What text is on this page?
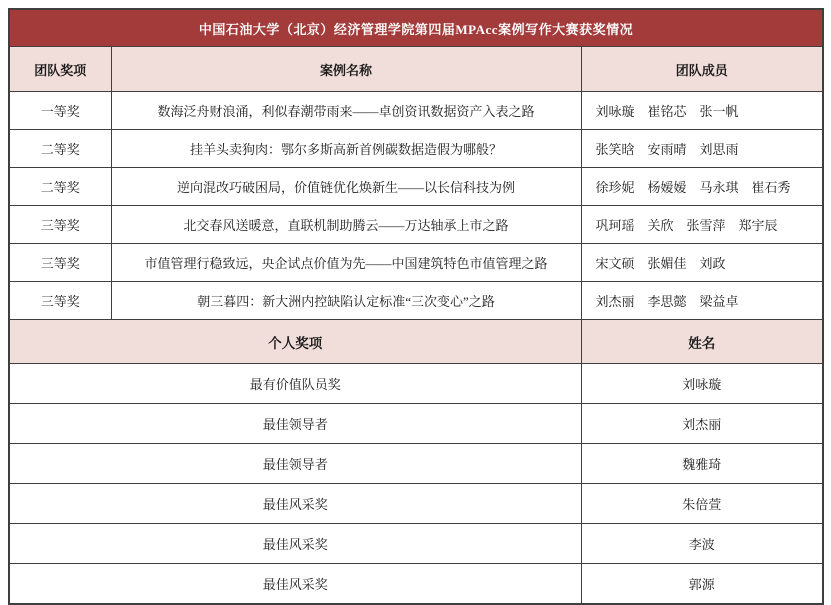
中国石油大学（北京）经济管理学院第四届MPAcc案例写作大赛获奖情况		
团队奖项	案例名称	团队成员
一等奖	数海泛舟财浪涌，利似春潮带雨来——卓创资讯数据资产入表之路	刘咏璇　崔铭芯　张一帆
二等奖	挂羊头卖狗肉：鄂尔多斯高新首例碳数据造假为哪般？	张笑晗　安雨晴　刘思雨
二等奖	逆向混改巧破困局，价值链优化焕新生——以长信科技为例	徐珍妮　杨嫒嫒　马永琪　崔石秀
三等奖	北交春风送暖意，直联机制助腾云——万达轴承上市之路	巩珂瑶　关欣　张雪萍　郑宇辰
三等奖	市值管理行稳致远，央企试点价值为先——中国建筑特色市值管理之路	宋文硕　张媚佳　刘政
三等奖	朝三暮四：新大洲内控缺陷认定标准“三次变心”之路	刘杰丽　李思懿　梁益卓
个人奖项		姓名
最有价值队员奖		刘咏璇
最佳领导者		刘杰丽
最佳领导者		魏雅琦
最佳风采奖		朱倍萱
最佳风采奖		李波
最佳风采奖		郭源
